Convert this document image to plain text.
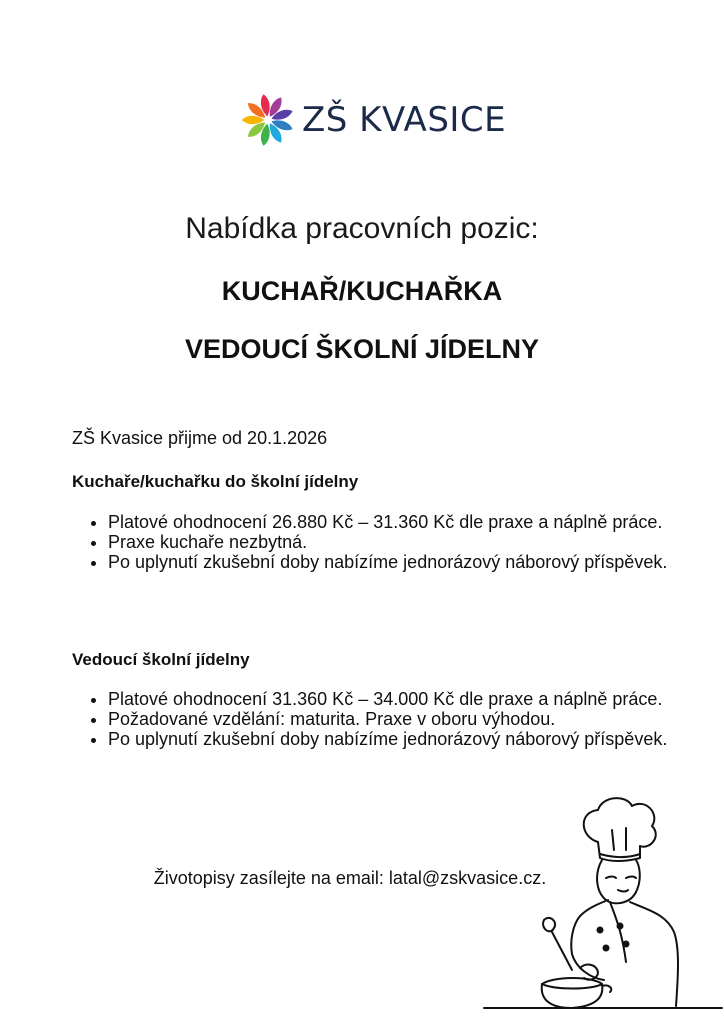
ZŠ KVASICE
Nabídka pracovních pozic:
KUCHAŘ/KUCHAŘKA
VEDOUCÍ ŠKOLNÍ JÍDELNY
ZŠ Kvasice přijme od 20.1.2026
Kuchaře/kuchařku do školní jídelny
• Platové ohodnocení 26.880 Kč – 31.360 Kč dle praxe a náplně práce.
• Praxe kuchaře nezbytná.
• Po uplynutí zkušební doby nabízíme jednorázový náborový příspěvek.
Vedoucí školní jídelny
• Platové ohodnocení 31.360 Kč – 34.000 Kč dle praxe a náplně práce.
• Požadované vzdělání: maturita. Praxe v oboru výhodou.
• Po uplynutí zkušební doby nabízíme jednorázový náborový příspěvek.
Životopisy zasílejte na email: latal@zskvasice.cz.
